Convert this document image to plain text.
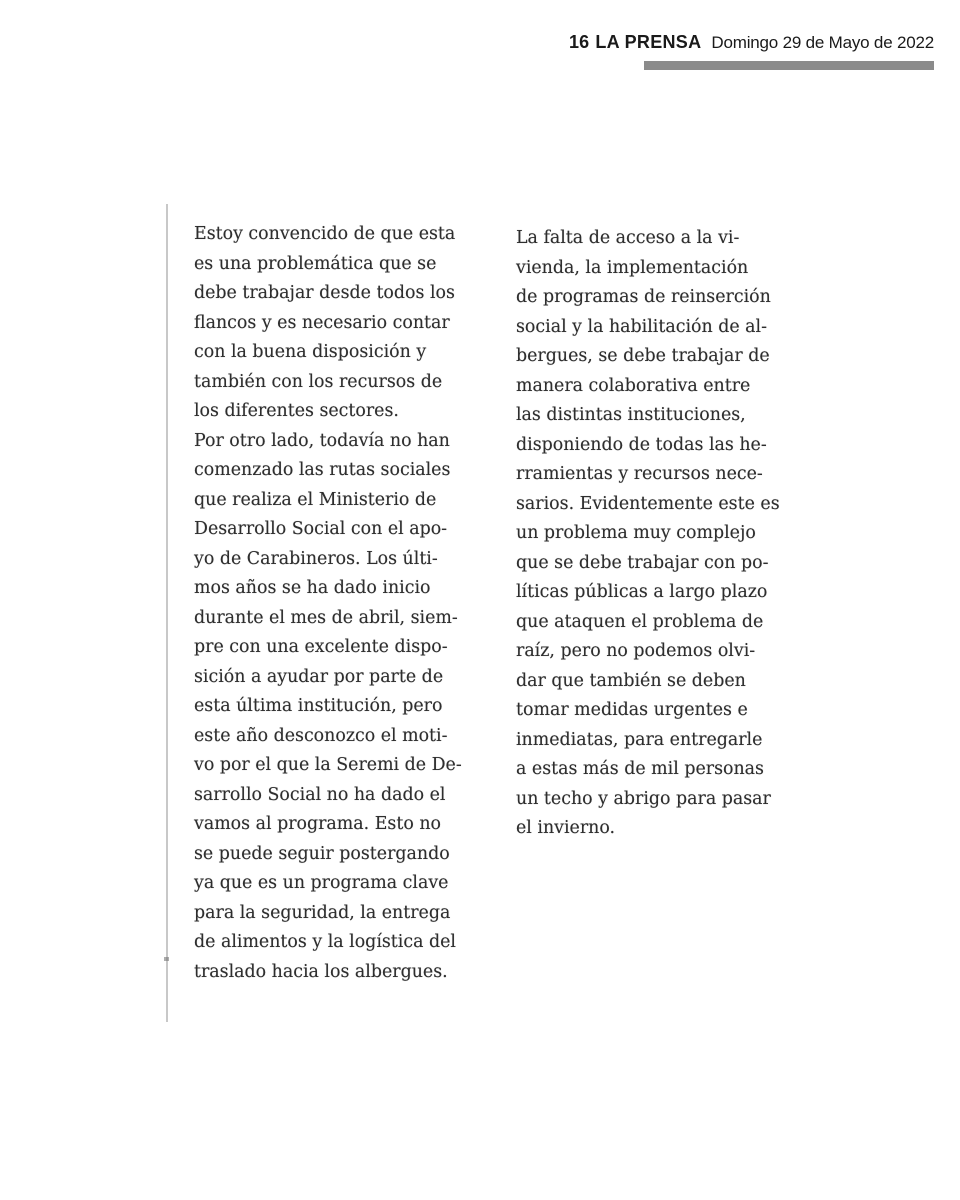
16 LA PRENSA Domingo 29 de Mayo de 2022

Estoy convencido de que esta
es una problemática que se
debe trabajar desde todos los
flancos y es necesario contar
con la buena disposición y
también con los recursos de
los diferentes sectores.

Por otro lado, todavía no han
comenzado las rutas sociales
que realiza el Ministerio de
Desarrollo Social con el apo-
yo de Carabineros. Los últi-
mos años se ha dado inicio
durante el mes de abril, siem-
pre con una excelente dispo-
sición a ayudar por parte de
esta última institución, pero
este año desconozco el moti-
vo por el que la Seremi de De-
sarrollo Social no ha dado el
vamos al programa. Esto no
se puede seguir postergando
ya que es un programa clave
para la seguridad, la entrega
de alimentos y la logística del
traslado hacia los albergues.

La falta de acceso a la vi-
vienda, la implementación
de programas de reinserción
social y la habilitación de al-
bergues, se debe trabajar de
manera colaborativa entre
las distintas instituciones,
disponiendo de todas las he-
rramientas y recursos nece-
sarios. Evidentemente este es
un problema muy complejo
que se debe trabajar con po-
líticas públicas a largo plazo
que ataquen el problema de
raíz, pero no podemos olvi-
dar que también se deben
tomar medidas urgentes e
inmediatas, para entregarle
a estas más de mil personas
un techo y abrigo para pasar
el invierno.
